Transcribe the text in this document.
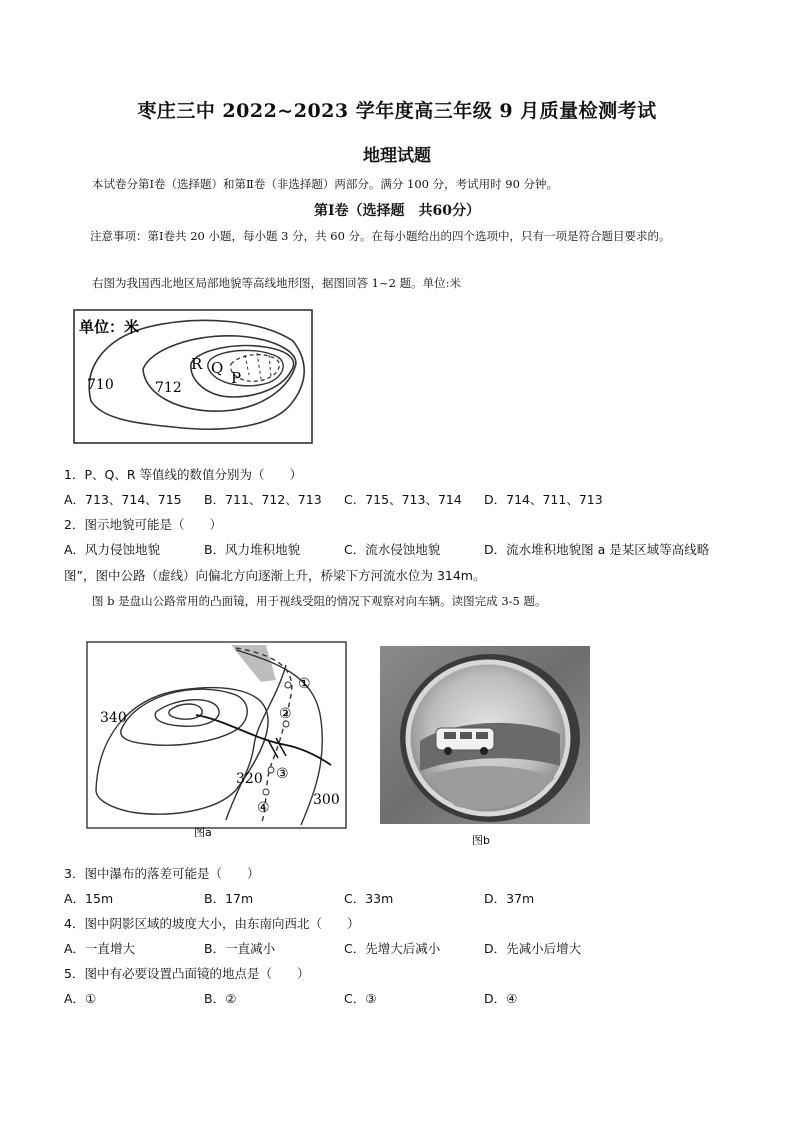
枣庄三中 2022~2023 学年度高三年级 9 月质量检测考试
地理试题
本试卷分第Ⅰ卷（选择题）和第Ⅱ卷（非选择题）两部分。满分 100 分，考试用时 90 分钟。
第Ⅰ卷（选择题　共60分）
注意事项：第Ⅰ卷共 20 小题，每小题 3 分，共 60 分。在每小题给出的四个选项中，只有一项是符合题目要求的。
右图为我国西北地区局部地貌等高线地形图，据图回答 1~2 题。单位:米
单位：米
710	712
R Q
P
1．P、Q、R 等值线的数值分别为（　　）
A．713、714、715	B．711、712、713	C．715、713、714	D．714、711、713
2．图示地貌可能是（　　）
A．风力侵蚀地貌	B．风力堆积地貌	C．流水侵蚀地貌	D．流水堆积地貌图 a 是某区域等高线略
图”，图中公路（虚线）向偏北方向逐渐上升，桥梁下方河流水位为 314m。
图 b 是盘山公路常用的凸面镜，用于视线受阻的情况下观察对向车辆。读图完成 3-5 题。
①
②
③
④
340
320
300
图a
图b
3．图中瀑布的落差可能是（　　）
A．15m	B．17m	C．33m	D．37m
4．图中阴影区域的坡度大小，由东南向西北（　　）
A．一直增大	B．一直减小	C．先增大后减小	D．先减小后增大
5．图中有必要设置凸面镜的地点是（　　）
A．①	B．②	C．③	D．④
